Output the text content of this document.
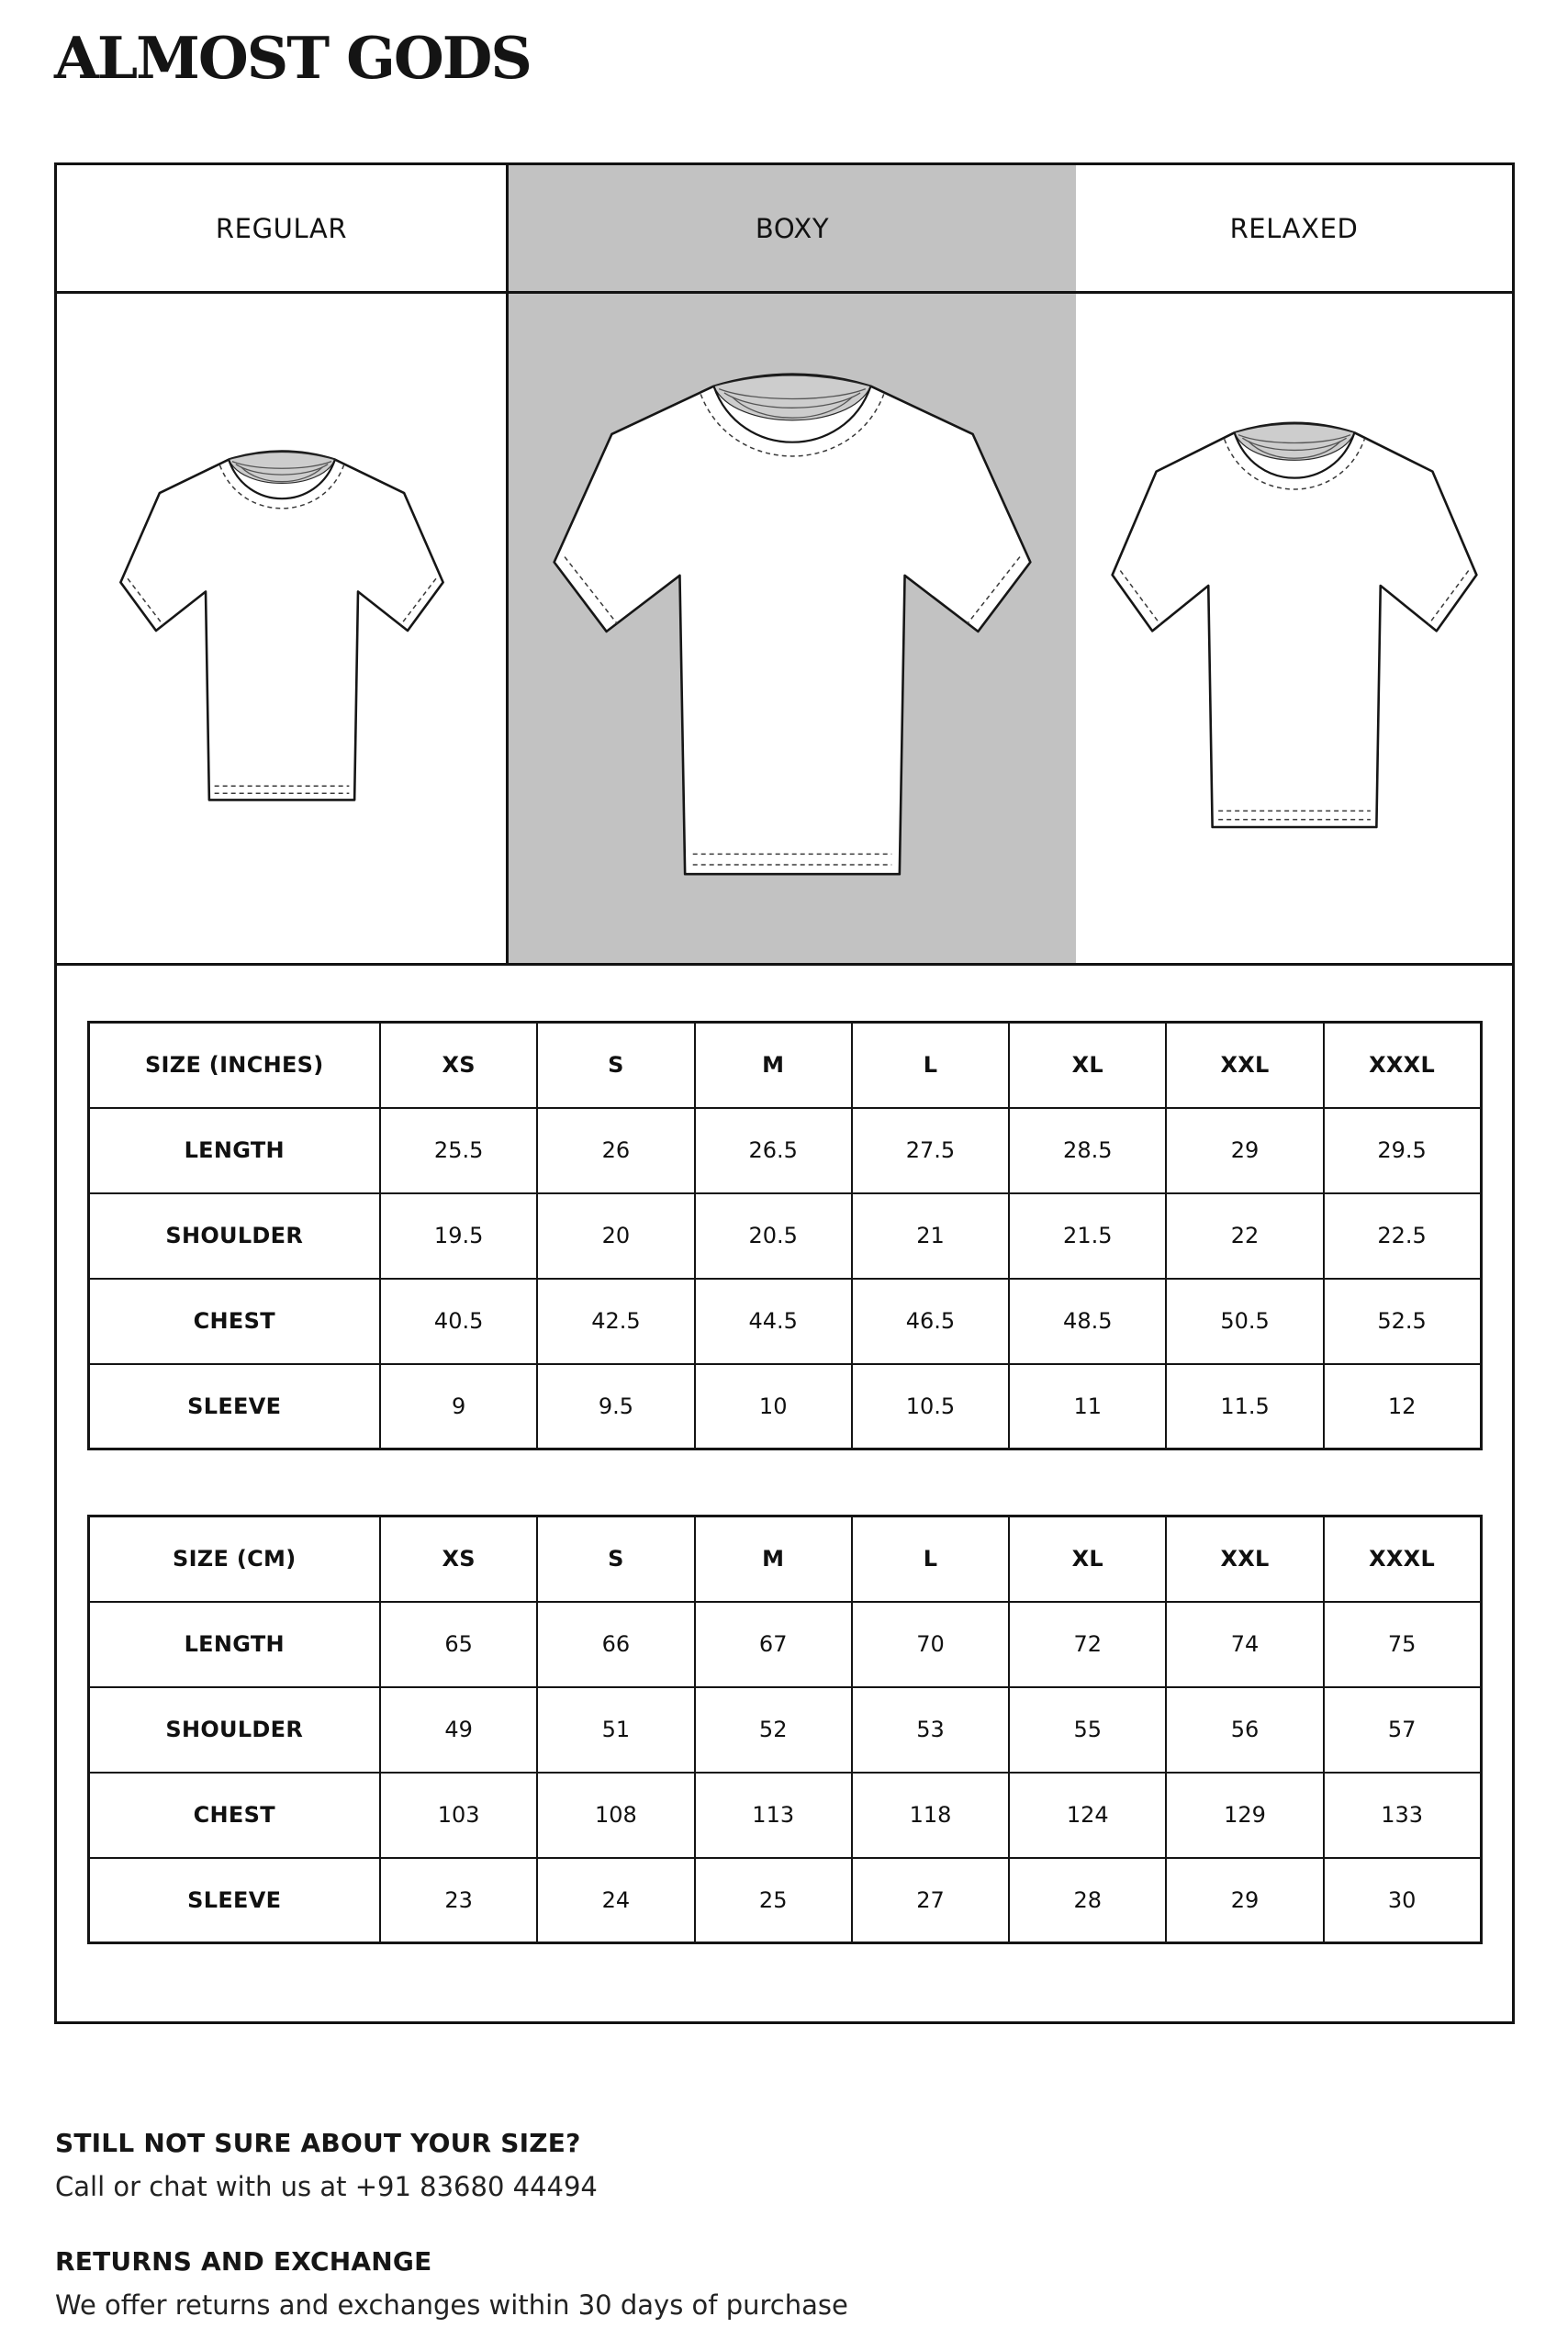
ALMOST GODS
REGULAR	BOXY	RELAXED
SIZE (INCHES)	XS	S	M	L	XL	XXL	XXXL
LENGTH	25.5	26	26.5	27.5	28.5	29	29.5
SHOULDER	19.5	20	20.5	21	21.5	22	22.5
CHEST	40.5	42.5	44.5	46.5	48.5	50.5	52.5
SLEEVE	9	9.5	10	10.5	11	11.5	12
SIZE (CM)	XS	S	M	L	XL	XXL	XXXL
LENGTH	65	66	67	70	72	74	75
SHOULDER	49	51	52	53	55	56	57
CHEST	103	108	113	118	124	129	133
SLEEVE	23	24	25	27	28	29	30

STILL NOT SURE ABOUT YOUR SIZE?

Call or chat with us at +91 83680 44494

RETURNS AND EXCHANGE

We offer returns and exchanges within 30 days of purchase
